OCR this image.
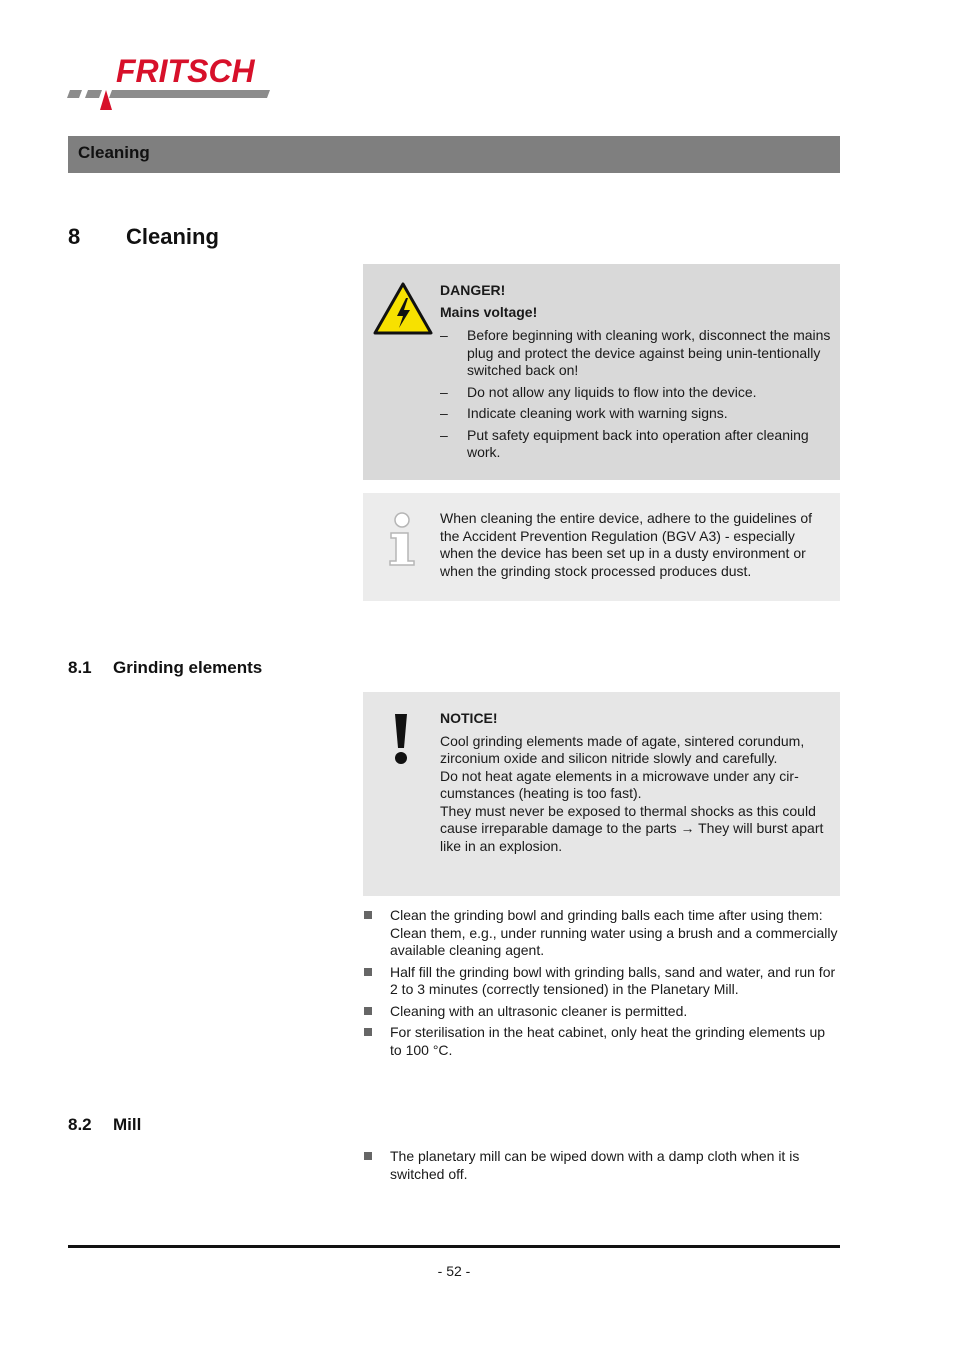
FRITSCH
Cleaning
8 Cleaning

DANGER!

Mains voltage!

– Before beginning with cleaning work, disconnect the mains plug and protect the device against being unin-tentionally switched back on!
– Do not allow any liquids to flow into the device.
– Indicate cleaning work with warning signs.
– Put safety equipment back into operation after cleaning work.

When cleaning the entire device, adhere to the guidelines of the Accident Prevention Regulation (BGV A3) - especially when the device has been set up in a dusty environment or when the grinding stock processed produces dust.

8.1 Grinding elements

NOTICE!

Cool grinding elements made of agate, sintered corundum, zirconium oxide and silicon nitride slowly and carefully.

Do not heat agate elements in a microwave under any cir-cumstances (heating is too fast).

They must never be exposed to thermal shocks as this could cause irreparable damage to the parts → They will burst apart like in an explosion.

Clean the grinding bowl and grinding balls each time after using them: Clean them, e.g., under running water using a brush and a commercially available cleaning agent.
Half fill the grinding bowl with grinding balls, sand and water, and run for 2 to 3 minutes (correctly tensioned) in the Planetary Mill.
Cleaning with an ultrasonic cleaner is permitted.
For sterilisation in the heat cabinet, only heat the grinding elements up to 100 °C.
8.2 Mill
The planetary mill can be wiped down with a damp cloth when it is switched off.
- 52 -
